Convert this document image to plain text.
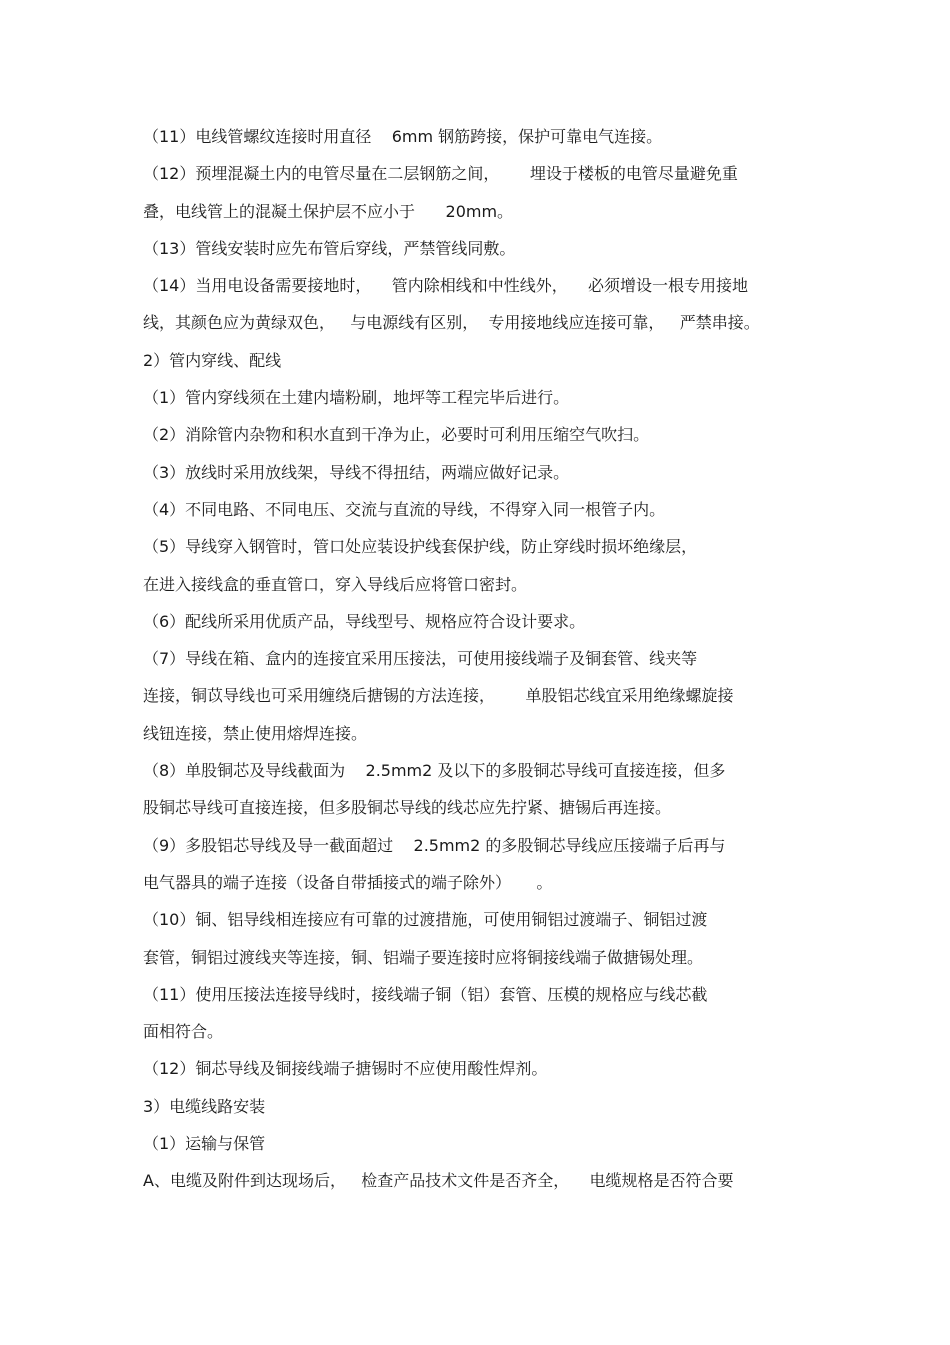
（11）电线管螺纹连接时用直径    6mm 钢筋跨接，保护可靠电气连接。
（12）预埋混凝土内的电管尽量在二层钢筋之间，      埋设于楼板的电管尽量避免重
叠，电线管上的混凝土保护层不应小于      20mm。
（13）管线安装时应先布管后穿线，严禁管线同敷。
（14）当用电设备需要接地时，    管内除相线和中性线外，    必须增设一根专用接地
线，其颜色应为黄绿双色，   与电源线有区别，  专用接地线应连接可靠，   严禁串接。
2）管内穿线、配线
（1）管内穿线须在土建内墙粉刷，地坪等工程完毕后进行。
（2）消除管内杂物和积水直到干净为止，必要时可利用压缩空气吹扫。
（3）放线时采用放线架，导线不得扭结，两端应做好记录。
（4）不同电路、不同电压、交流与直流的导线，不得穿入同一根管子内。
（5）导线穿入钢管时，管口处应装设护线套保护线，防止穿线时损坏绝缘层，
在进入接线盒的垂直管口，穿入导线后应将管口密封。
（6）配线所采用优质产品，导线型号、规格应符合设计要求。
（7）导线在箱、盒内的连接宜采用压接法，可使用接线端子及铜套管、线夹等
连接，铜苡导线也可采用缠绕后搪锡的方法连接，      单股铝芯线宜采用绝缘螺旋接
线钮连接，禁止使用熔焊连接。
（8）单股铜芯及导线截面为    2.5mm2 及以下的多股铜芯导线可直接连接，但多
股铜芯导线可直接连接，但多股铜芯导线的线芯应先拧紧、搪锡后再连接。
（9）多股铝芯导线及导一截面超过    2.5mm2 的多股铜芯导线应压接端子后再与
电气器具的端子连接（设备自带插接式的端子除外）     。
（10）铜、铝导线相连接应有可靠的过渡措施，可使用铜铝过渡端子、铜铝过渡
套管，铜铝过渡线夹等连接，铜、铝端子要连接时应将铜接线端子做搪锡处理。
（11）使用压接法连接导线时，接线端子铜（铝）套管、压模的规格应与线芯截
面相符合。
（12）铜芯导线及铜接线端子搪锡时不应使用酸性焊剂。
3）电缆线路安装
（1）运输与保管
A、电缆及附件到达现场后，   检查产品技术文件是否齐全，    电缆规格是否符合要
